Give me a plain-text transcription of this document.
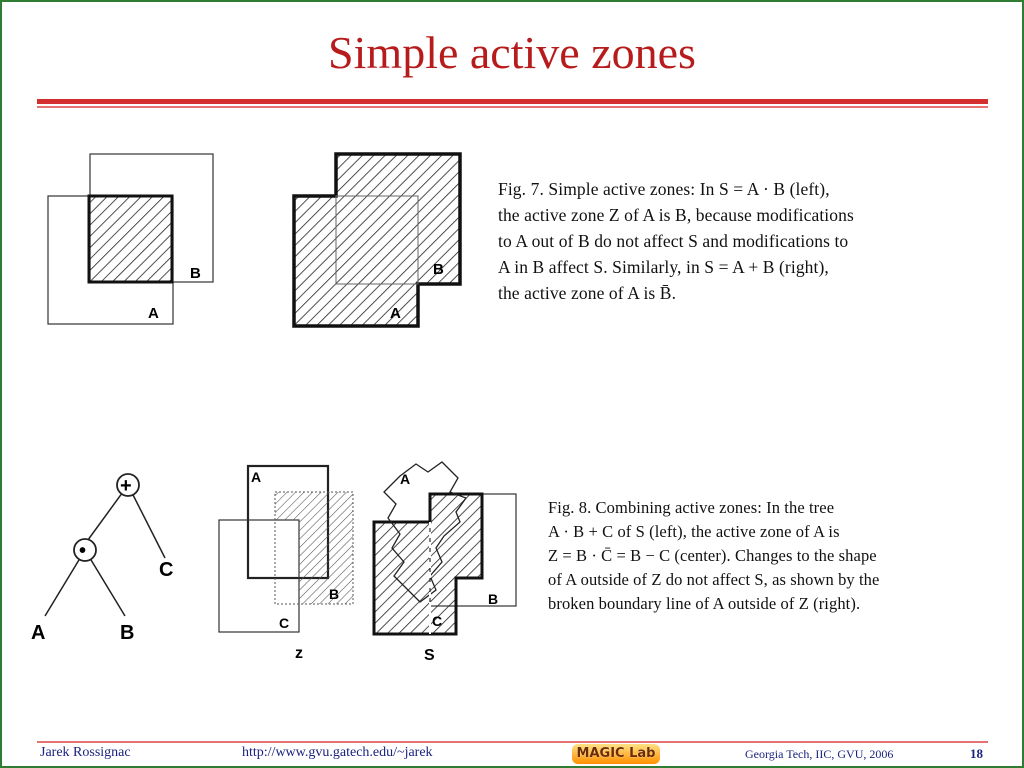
Simple active zones
B
A
B
A
Fig. 7. Simple active zones: In S = A · B (left),
the active zone Z of A is B, because modifications
to A out of B do not affect S and modifications to
A in B affect S. Similarly, in S = A + B (right),
the active zone of A is B̄.
+
•
C
A	B
A
B
C
z
A
B
C
S
Fig. 8. Combining active zones: In the tree
A · B + C of S (left), the active zone of A is
Z = B · C̄ = B − C (center). Changes to the shape
of A outside of Z do not affect S, as shown by the
broken boundary line of A outside of Z (right).
Jarek Rossignac	http://www.gvu.gatech.edu/~jarek	MAGIC Lab	Georgia Tech, IIC, GVU, 2006	18
